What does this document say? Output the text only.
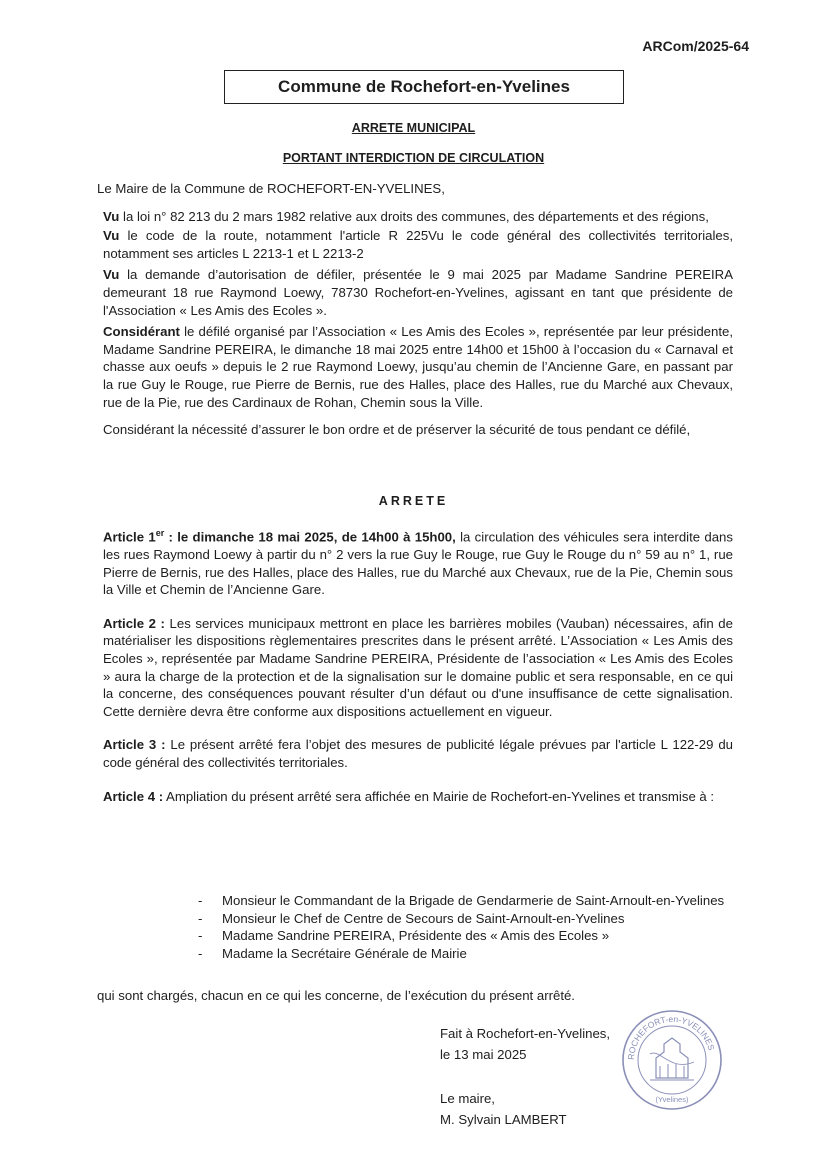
ARCom/2025-64
Commune de Rochefort-en-Yvelines
ARRETE MUNICIPAL
PORTANT INTERDICTION DE CIRCULATION

Le Maire de la Commune de ROCHEFORT-EN-YVELINES,

Vu la loi n° 82 213 du 2 mars 1982 relative aux droits des communes, des départements et des régions,

Vu le code de la route, notamment l'article R 225Vu le code général des collectivités territoriales, notamment ses articles L 2213-1 et L 2213-2

Vu la demande d’autorisation de défiler, présentée le 9 mai 2025 par Madame Sandrine PEREIRA demeurant 18 rue Raymond Loewy, 78730 Rochefort-en-Yvelines, agissant en tant que présidente de l'Association « Les Amis des Ecoles ».

Considérant le défilé organisé par l’Association « Les Amis des Ecoles », représentée par leur présidente, Madame Sandrine PEREIRA, le dimanche 18 mai 2025 entre 14h00 et 15h00 à l’occasion du « Carnaval et chasse aux oeufs » depuis le 2 rue Raymond Loewy, jusqu’au chemin de l’Ancienne Gare, en passant par la rue Guy le Rouge, rue Pierre de Bernis, rue des Halles, place des Halles, rue du Marché aux Chevaux, rue de la Pie, rue des Cardinaux de Rohan, Chemin sous la Ville.

Considérant la nécessité d’assurer le bon ordre et de préserver la sécurité de tous pendant ce défilé,

ARRETE

Article 1er : le dimanche 18 mai 2025, de 14h00 à 15h00, la circulation des véhicules sera interdite dans les rues Raymond Loewy à partir du n° 2 vers la rue Guy le Rouge, rue Guy le Rouge du n° 59 au n° 1, rue Pierre de Bernis, rue des Halles, place des Halles, rue du Marché aux Chevaux, rue de la Pie, Chemin sous la Ville et Chemin de l’Ancienne Gare.

Article 2 : Les services municipaux mettront en place les barrières mobiles (Vauban) nécessaires, afin de matérialiser les dispositions règlementaires prescrites dans le présent arrêté. L’Association « Les Amis des Ecoles », représentée par Madame Sandrine PEREIRA, Présidente de l’association « Les Amis des Ecoles » aura la charge de la protection et de la signalisation sur le domaine public et sera responsable, en ce qui la concerne, des conséquences pouvant résulter d’un défaut ou d'une insuffisance de cette signalisation. Cette dernière devra être conforme aux dispositions actuellement en vigueur.

Article 3 : Le présent arrêté fera l’objet des mesures de publicité légale prévues par l'article L 122-29 du code général des collectivités territoriales.

Article 4 : Ampliation du présent arrêté sera affichée en Mairie de Rochefort-en-Yvelines et transmise à :

-	Monsieur le Commandant de la Brigade de Gendarmerie de Saint-Arnoult-en-Yvelines
-	Monsieur le Chef de Centre de Secours de Saint-Arnoult-en-Yvelines
-	Madame Sandrine PEREIRA, Présidente des « Amis des Ecoles »
-	Madame la Secrétaire Générale de Mairie
qui sont chargés, chacun en ce qui les concerne, de l’exécution du présent arrêté.
Fait à Rochefort-en-Yvelines,
le 13 mai 2025
Le maire,
M. Sylvain LAMBERT
ROCHEFORT-en-YVELINES
(Yvelines)
